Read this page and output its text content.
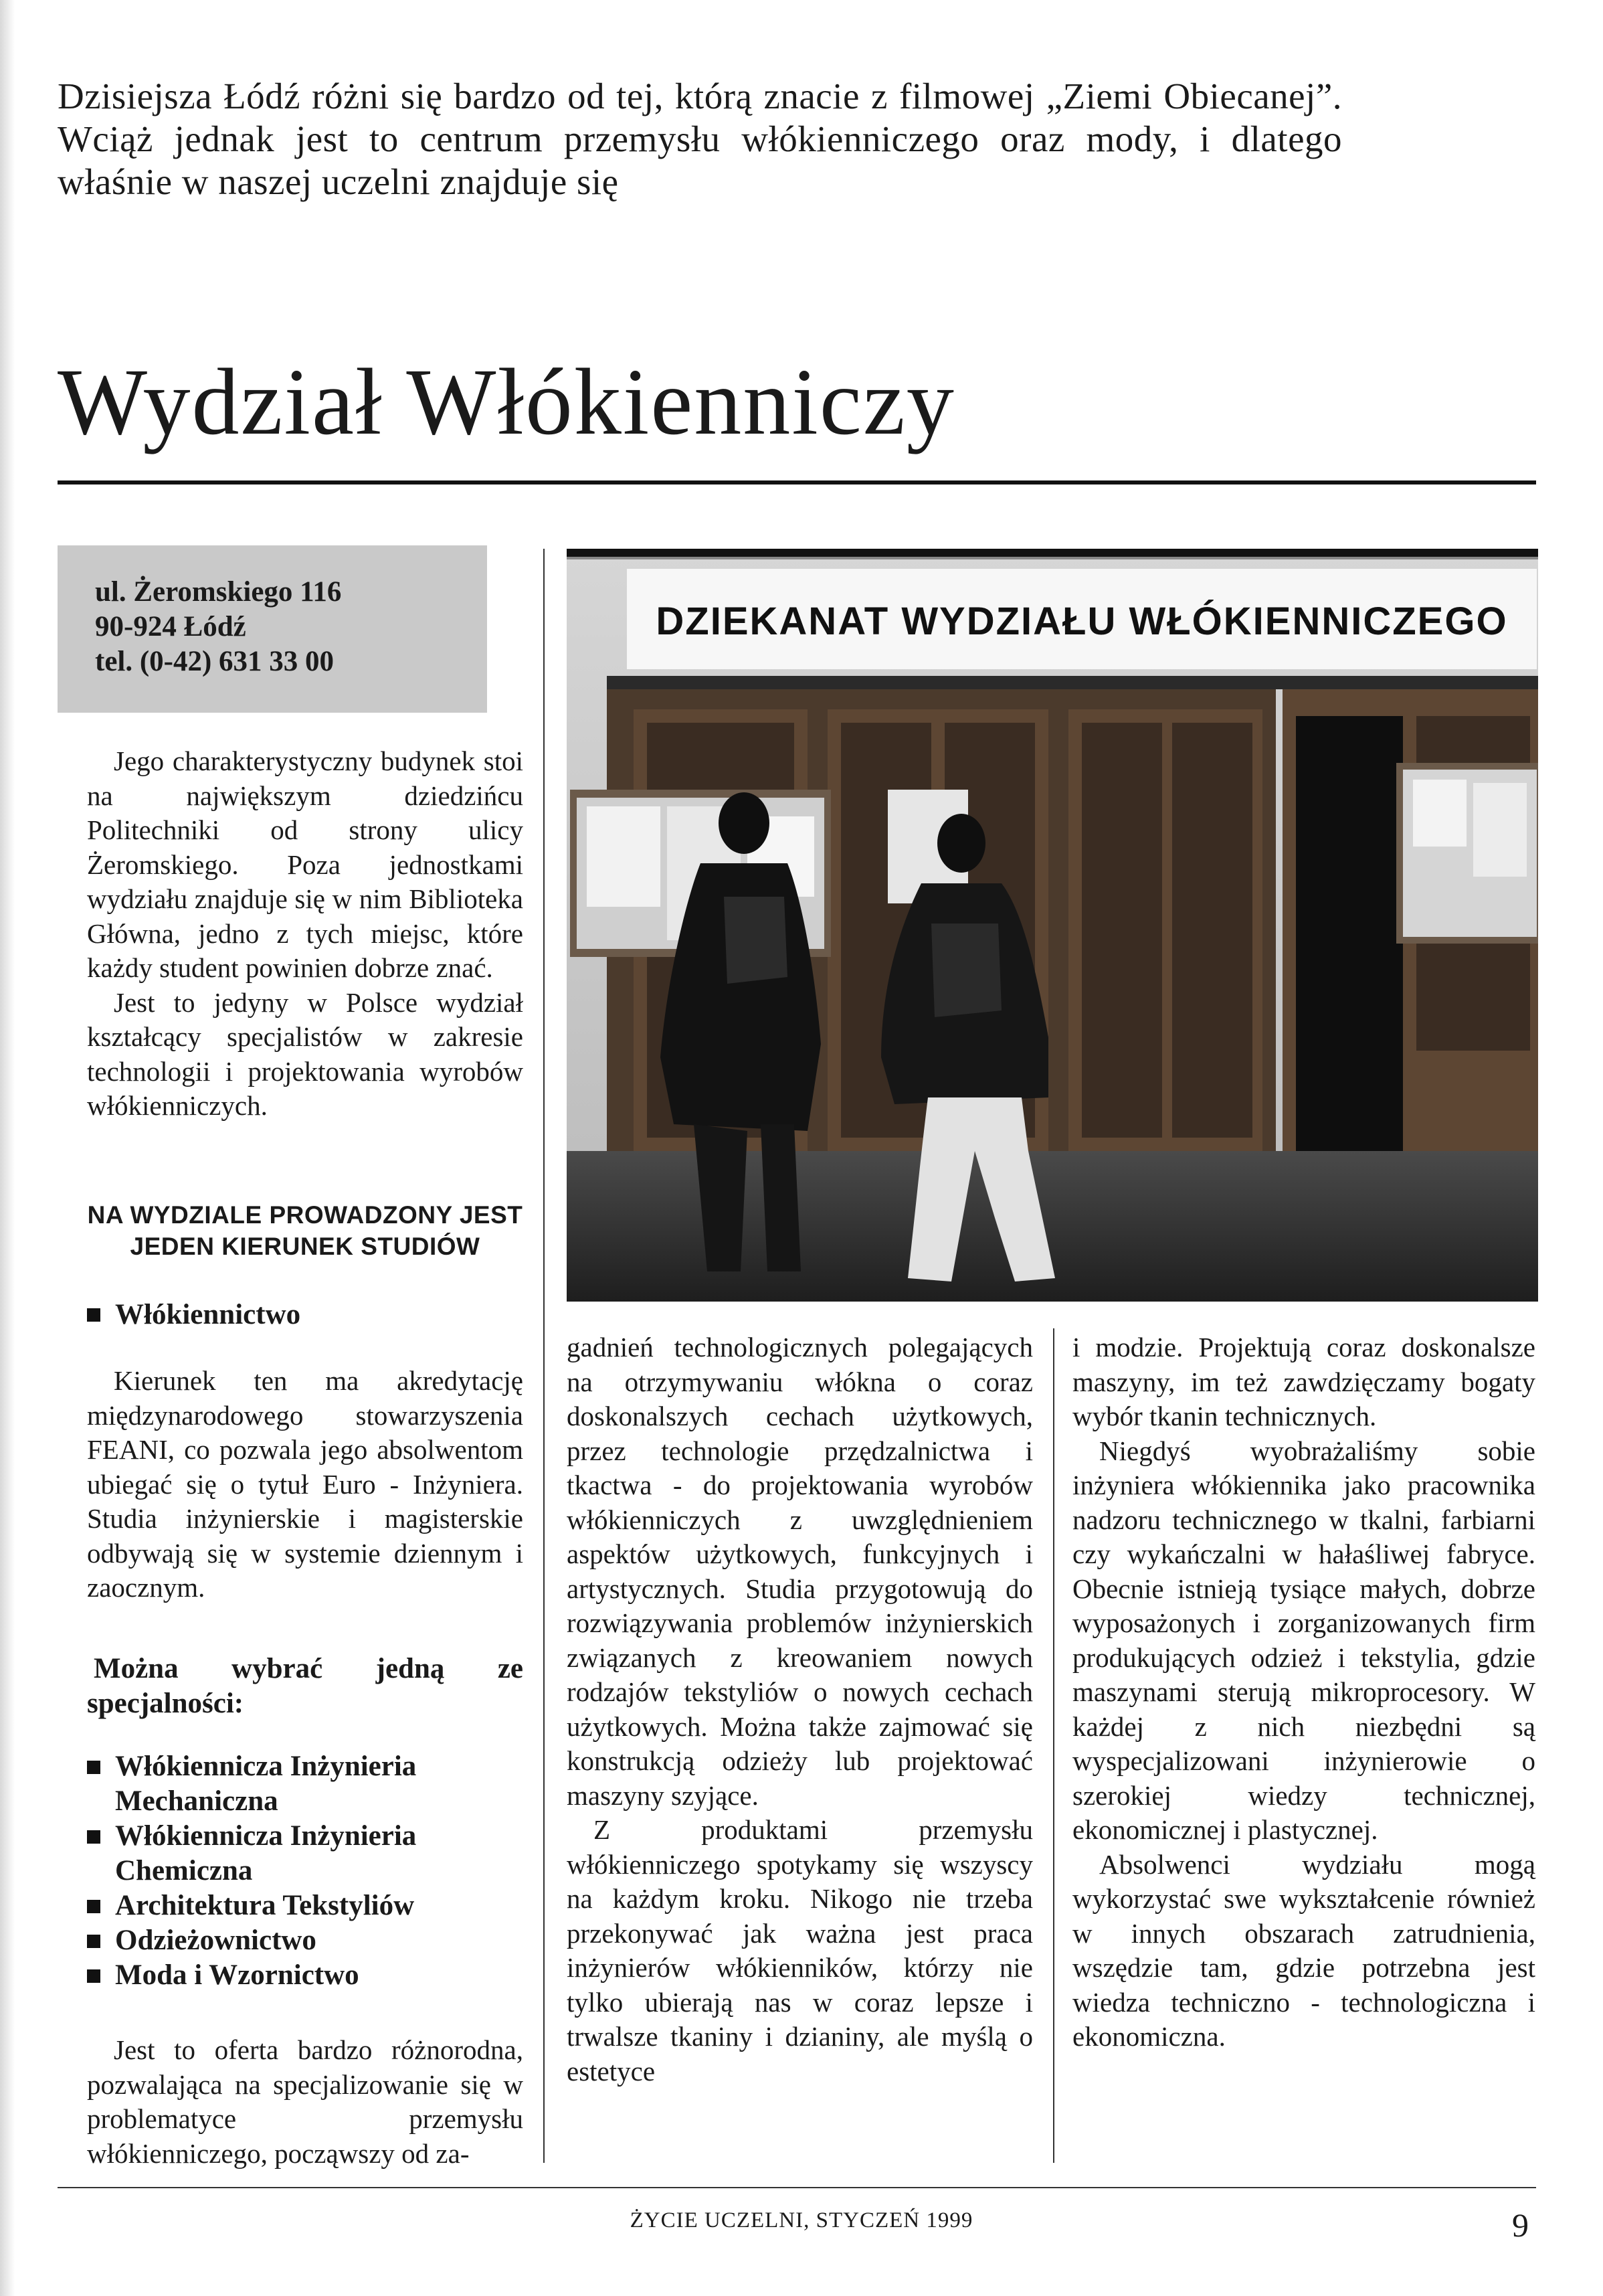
Dzisiejsza Łódź różni się bardzo od tej, którą znacie z filmowej „Ziemi Obiecanej”. Wciąż jednak jest to centrum przemysłu włókienniczego oraz mody, i dlatego właśnie w naszej uczelni znajduje się

Wydział Włókienniczy
ul. Żeromskiego 116
90-924 Łódź
tel. (0-42) 631 33 00

Jego charakterystyczny budynek stoi na największym dziedzińcu Politechniki od strony ulicy Żeromskiego. Poza jednostkami wydziału znajduje się w nim Biblioteka Główna, jedno z tych miejsc, które każdy student powinien dobrze znać.

Jest to jedyny w Polsce wydział kształcący specjalistów w zakresie technologii i projektowania wyrobów włókienniczych.

NA WYDZIALE PROWADZONY JEST
JEDEN KIERUNEK STUDIÓW
Włókiennictwo

Kierunek ten ma akredytację międzynarodowego stowarzyszenia FEANI, co pozwala jego absolwentom ubiegać się o tytuł Euro - Inżyniera. Studia inżynierskie i magisterskie odbywają się w systemie dziennym i zaocznym.

Można wybrać jedną ze specjalności:

Włókiennicza Inżynieria Mechaniczna
Włókiennicza Inżynieria Chemiczna
Architektura Tekstyliów
Odzieżownictwo
Moda i Wzornictwo

Jest to oferta bardzo różnorodna, pozwalająca na specjalizowanie się w problematyce przemysłu włókienniczego, począwszy od za-

DZIEKANAT WYDZIAŁU WŁÓKIENNICZEGO

gadnień technologicznych polegających na otrzymywaniu włókna o coraz doskonalszych cechach użytkowych, przez technologie przędzalnictwa i tkactwa - do projektowania wyrobów włókienniczych z uwzględnieniem aspektów użytkowych, funkcyjnych i artystycznych. Studia przygotowują do rozwiązywania problemów inżynierskich związanych z kreowaniem nowych rodzajów tekstyliów o nowych cechach użytkowych. Można także zajmować się konstrukcją odzieży lub projektować maszyny szyjące.

Z produktami przemysłu włókienniczego spotykamy się wszyscy na każdym kroku. Nikogo nie trzeba przekonywać jak ważna jest praca inżynierów włókienników, którzy nie tylko ubierają nas w coraz lepsze i trwalsze tkaniny i dzianiny, ale myślą o estetyce

i modzie. Projektują coraz doskonalsze maszyny, im też zawdzięczamy bogaty wybór tkanin technicznych.

Niegdyś wyobrażaliśmy sobie inżyniera włókiennika jako pracownika nadzoru technicznego w tkalni, farbiarni czy wykańczalni w hałaśliwej fabryce. Obecnie istnieją tysiące małych, dobrze wyposażonych i zorganizowanych firm produkujących odzież i tekstylia, gdzie maszynami sterują mikroprocesory. W każdej z nich niezbędni są wyspecjalizowani inżynierowie o szerokiej wiedzy technicznej, ekonomicznej i plastycznej.

Absolwenci wydziału mogą wykorzystać swe wykształcenie również w innych obszarach zatrudnienia, wszędzie tam, gdzie potrzebna jest wiedza techniczno - technologiczna i ekonomiczna.

ŻYCIE UCZELNI, STYCZEŃ 1999	9
